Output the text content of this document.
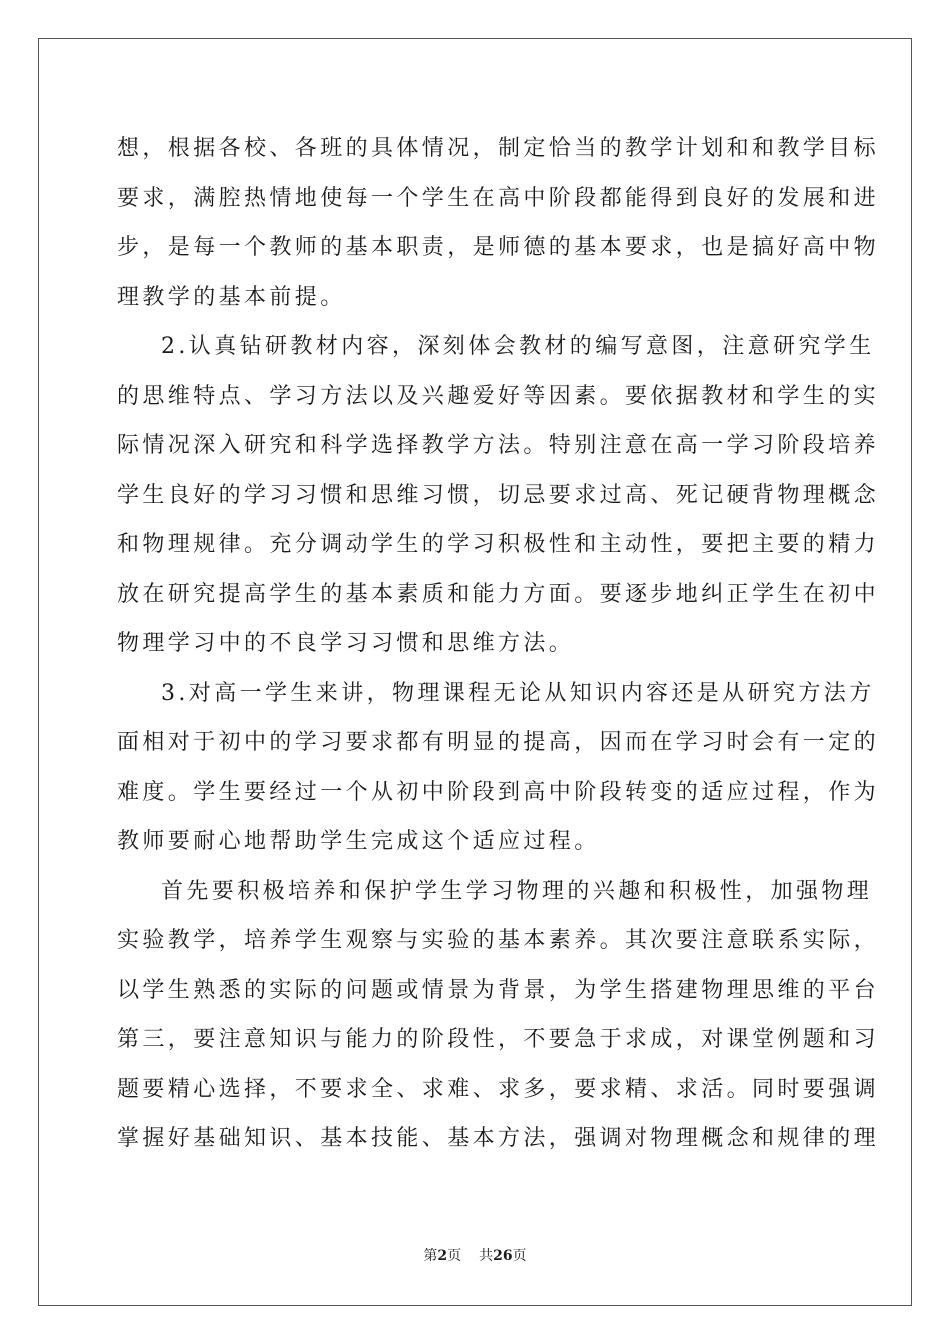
想，根据各校、各班的具体情况，制定恰当的教学计划和和教学目标
要求，满腔热情地使每一个学生在高中阶段都能得到良好的发展和进
步，是每一个教师的基本职责，是师德的基本要求，也是搞好高中物
理教学的基本前提。
2.认真钻研教材内容，深刻体会教材的编写意图，注意研究学生
的思维特点、学习方法以及兴趣爱好等因素。要依据教材和学生的实
际情况深入研究和科学选择教学方法。特别注意在高一学习阶段培养
学生良好的学习习惯和思维习惯，切忌要求过高、死记硬背物理概念
和物理规律。充分调动学生的学习积极性和主动性，要把主要的精力
放在研究提高学生的基本素质和能力方面。要逐步地纠正学生在初中
物理学习中的不良学习习惯和思维方法。
3.对高一学生来讲，物理课程无论从知识内容还是从研究方法方
面相对于初中的学习要求都有明显的提高，因而在学习时会有一定的
难度。学生要经过一个从初中阶段到高中阶段转变的适应过程，作为
教师要耐心地帮助学生完成这个适应过程。
首先要积极培养和保护学生学习物理的兴趣和积极性，加强物理
实验教学，培养学生观察与实验的基本素养。其次要注意联系实际，
以学生熟悉的实际的问题或情景为背景，为学生搭建物理思维的平台
第三，要注意知识与能力的阶段性，不要急于求成，对课堂例题和习
题要精心选择，不要求全、求难、求多，要求精、求活。同时要强调
掌握好基础知识、基本技能、基本方法，强调对物理概念和规律的理
第2页 共26页
